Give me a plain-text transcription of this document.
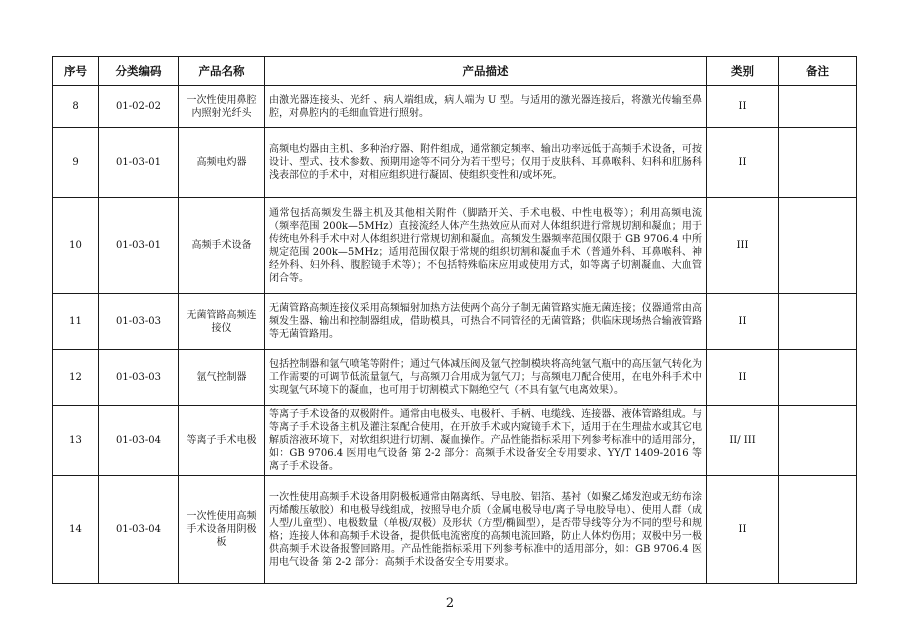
序号	分类编码	产品名称	产品描述	类别	备注
8	01-02-02	一次性使用鼻腔内照射光纤头	由激光器连接头、光纤 、病人端组成，病人端为 U 型。与适用的激光器连接后，将激光传输至鼻腔，对鼻腔内的毛细血管进行照射。	II	
9	01-03-01	高频电灼器	高频电灼器由主机、多种治疗器、附件组成，通常额定频率、输出功率远低于高频手术设备，可按设计、型式、技术参数、预期用途等不同分为若干型号；仅用于皮肤科、耳鼻喉科、妇科和肛肠科浅表部位的手术中，对相应组织进行凝固、使组织变性和/或坏死。	II	
10	01-03-01	高频手术设备	通常包括高频发生器主机及其他相关附件（脚踏开关、手术电极、中性电极等）；利用高频电流（频率范围 200k—5MHz）直接流经人体产生热效应从而对人体组织进行常规切割和凝血；用于传统电外科手术中对人体组织进行常规切割和凝血。高频发生器频率范围仅限于 GB 9706.4 中所规定范围 200k—5MHz；适用范围仅限于常规的组织切割和凝血手术（普通外科、耳鼻喉科、神经外科、妇外科、腹腔镜手术等）；不包括特殊临床应用或使用方式，如等离子切割凝血、大血管闭合等。	III	
11	01-03-03	无菌管路高频连接仪	无菌管路高频连接仪采用高频辐射加热方法使两个高分子制无菌管路实施无菌连接；仪器通常由高频发生器、输出和控制器组成，借助模具，可热合不同管径的无菌管路；供临床现场热合输液管路等无菌管路用。	II	
12	01-03-03	氩气控制器	包括控制器和氩气喷笔等附件；通过气体减压阀及氩气控制模块将高纯氩气瓶中的高压氩气转化为工作需要的可调节低流量氩气，与高频刀合用成为氩气刀；与高频电刀配合使用，在电外科手术中实现氩气环境下的凝血，也可用于切割模式下隔绝空气（不具有氩气电离效果）。	II	
13	01-03-04	等离子手术电极	等离子手术设备的双极附件。通常由电极头、电极杆、手柄、电缆线、连接器、液体管路组成。与等离子手术设备主机及灌注泵配合使用，在开放手术或内窥镜手术下，适用于在生理盐水或其它电解质溶液环境下，对软组织进行切割、凝血操作。产品性能指标采用下列参考标准中的适用部分，如：GB 9706.4 医用电气设备 第 2-2 部分：高频手术设备安全专用要求、YY/T 1409-2016 等离子手术设备。	II/ III	
14	01-03-04	一次性使用高频手术设备用阴极板	一次性使用高频手术设备用阴极板通常由隔离纸、导电胶、铝箔、基衬（如聚乙烯发泡或无纺布涂丙烯酸压敏胶）和电极导线组成，按照导电介质（金属电极导电/离子导电胶导电）、使用人群（成人型/儿童型）、电极数量（单极/双极）及形状（方型/椭圆型），是否带导线等分为不同的型号和规格；连接人体和高频手术设备，提供低电流密度的高频电流回路，防止人体灼伤用；双极中另一极供高频手术设备报警回路用。产品性能指标采用下列参考标准中的适用部分，如：GB 9706.4 医用电气设备 第 2-2 部分：高频手术设备安全专用要求。	II	
2
